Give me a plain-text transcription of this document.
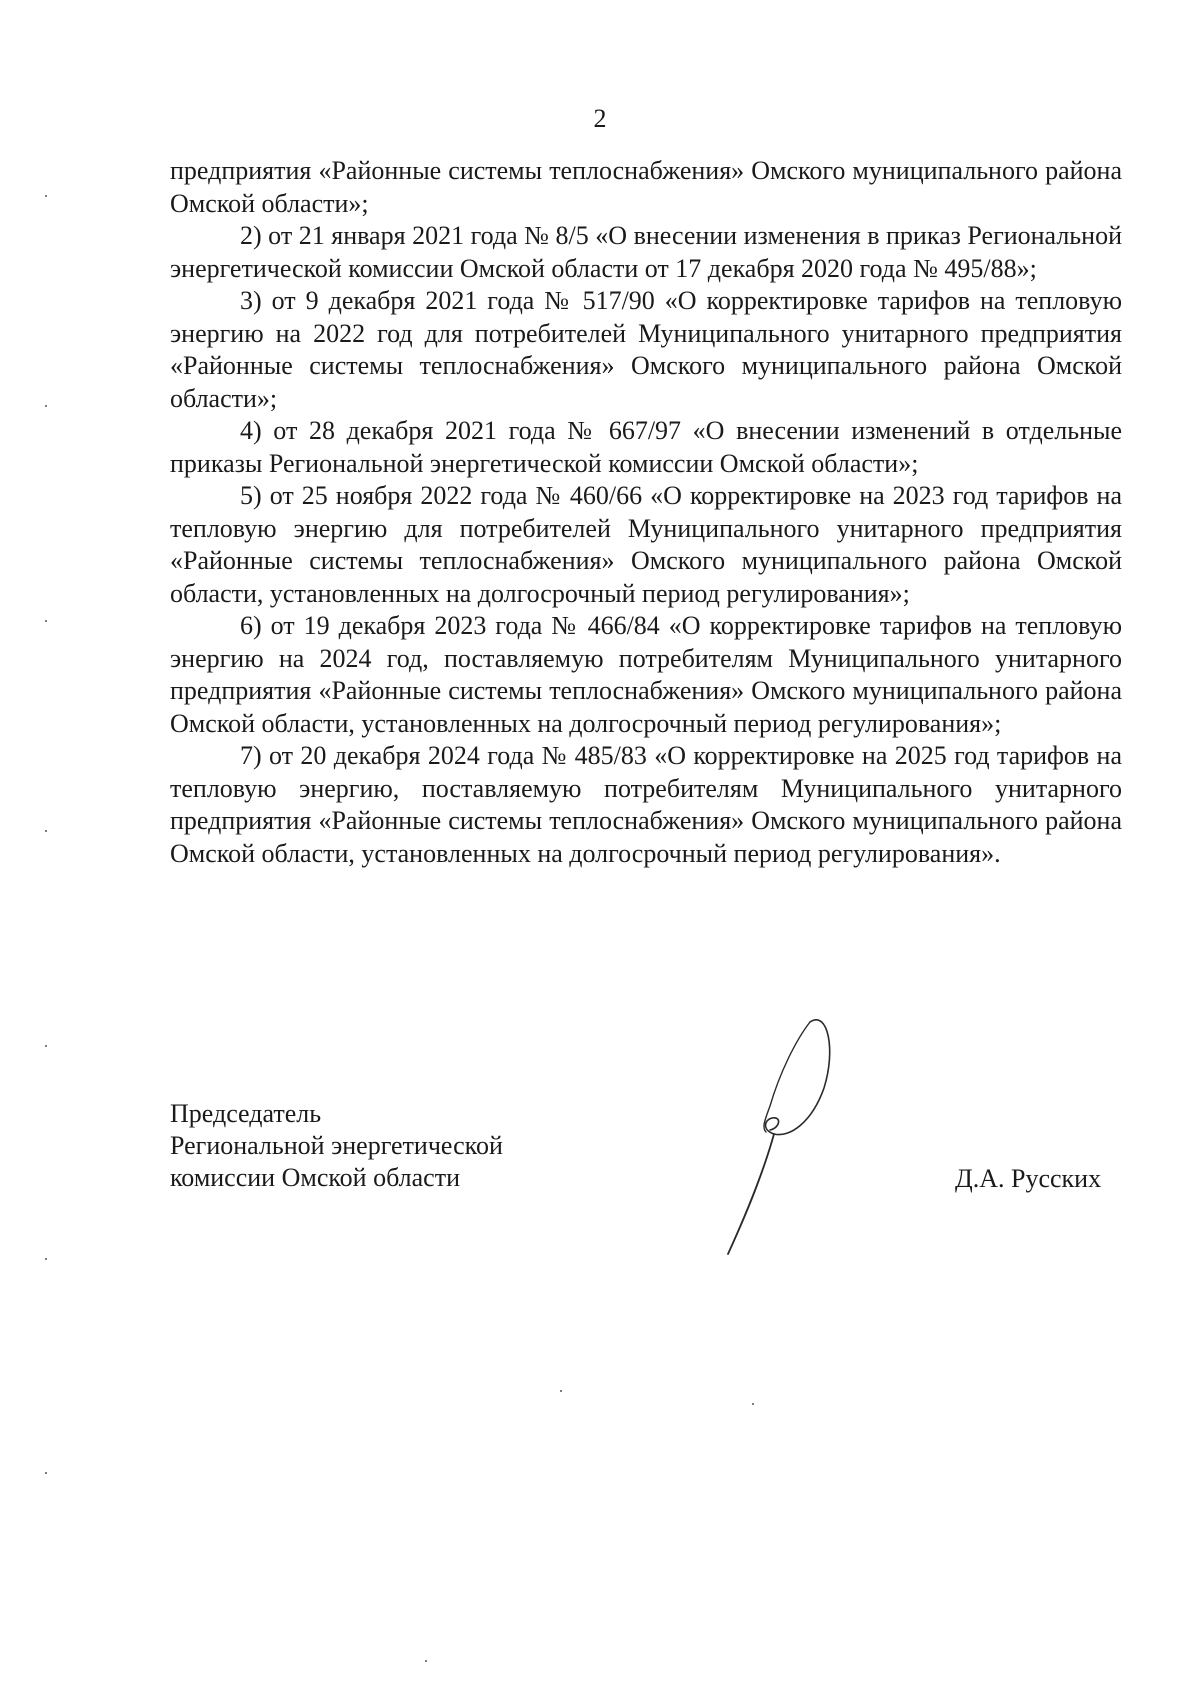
2

предприятия «Районные системы теплоснабжения» Омского муниципального района Омской области»;

2) от 21 января 2021 года № 8/5 «О внесении изменения в приказ Региональной энергетической комиссии Омской области от 17 декабря 2020 года № 495/88»;

3) от 9 декабря 2021 года № 517/90 «О корректировке тарифов на тепловую энергию на 2022 год для потребителей Муниципального унитарного предприятия «Районные системы теплоснабжения» Омского муниципального района Омской области»;

4) от 28 декабря 2021 года № 667/97 «О внесении изменений в отдельные приказы Региональной энергетической комиссии Омской области»;

5) от 25 ноября 2022 года № 460/66 «О корректировке на 2023 год тарифов на тепловую энергию для потребителей Муниципального унитарного предприятия «Районные системы теплоснабжения» Омского муниципального района Омской области, установленных на долгосрочный период регулирования»;

6) от 19 декабря 2023 года № 466/84 «О корректировке тарифов на тепловую энергию на 2024 год, поставляемую потребителям Муниципального унитарного предприятия «Районные системы теплоснабжения» Омского муниципального района Омской области, установленных на долгосрочный период регулирования»;

7) от 20 декабря 2024 года № 485/83 «О корректировке на 2025 год тарифов на тепловую энергию, поставляемую потребителям Муниципального унитарного предприятия «Районные системы теплоснабжения» Омского муниципального района Омской области, установленных на долгосрочный период регулирования».

Председатель
Региональной энергетической
комиссии Омской области	Д.А. Русских
